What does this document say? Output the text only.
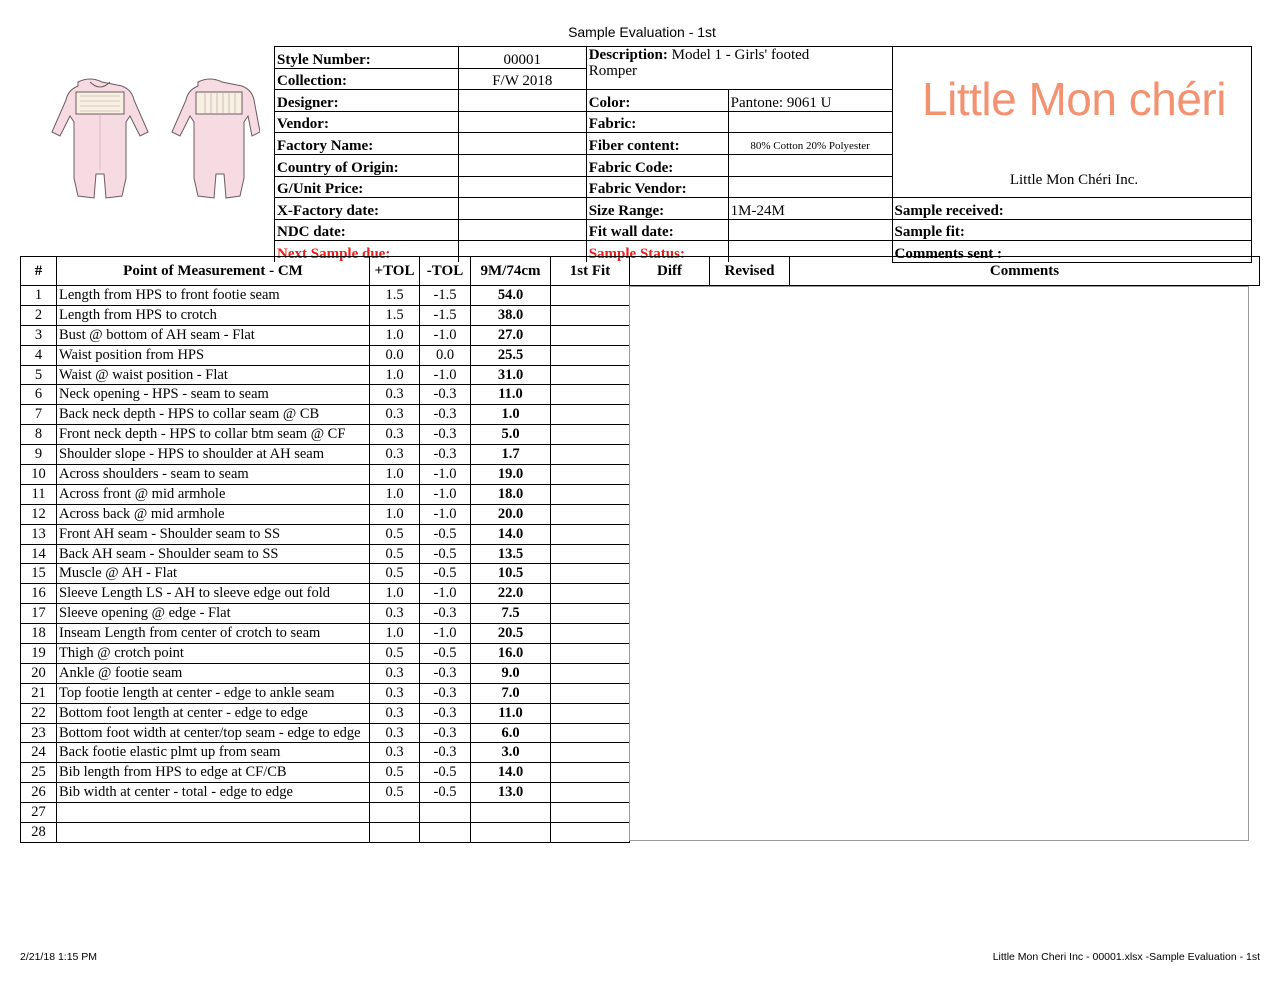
Sample Evaluation - 1st
Style Number:	00001	Description: Model 1 - Girls' footed
Romper		
Collection:	F/W 2018			
Designer:		Color:	Pantone: 9061 U	
Vendor:		Fabric:		
Factory Name:		Fiber content:	80% Cotton 20% Polyester	
Country of Origin:		Fabric Code:		
G/Unit Price:		Fabric Vendor:		
X-Factory date:		Size Range:	1M-24M	Sample received:
NDC date:		Fit wall date:		Sample fit:
Next Sample due:		Sample Status:		Comments sent :
Little Mon chéri
Little Mon Chéri Inc.
#	Point of Measurement - CM	+TOL	-TOL	9M/74cm	1st Fit	Diff	Revised	Comments
1	Length from HPS to front footie seam	1.5	-1.5	54.0				
2	Length from HPS to crotch	1.5	-1.5	38.0				
3	Bust @ bottom of AH seam - Flat	1.0	-1.0	27.0				
4	Waist position from HPS	0.0	0.0	25.5				
5	Waist @ waist position - Flat	1.0	-1.0	31.0				
6	Neck opening - HPS - seam to seam	0.3	-0.3	11.0				
7	Back neck depth - HPS to collar seam @ CB	0.3	-0.3	1.0				
8	Front neck depth - HPS to collar btm seam @ CF	0.3	-0.3	5.0				
9	Shoulder slope - HPS to shoulder at AH seam	0.3	-0.3	1.7				
10	Across shoulders - seam to seam	1.0	-1.0	19.0				
11	Across front @ mid armhole	1.0	-1.0	18.0				
12	Across back @ mid armhole	1.0	-1.0	20.0				
13	Front AH seam - Shoulder seam to SS	0.5	-0.5	14.0				
14	Back AH seam - Shoulder seam to SS	0.5	-0.5	13.5				
15	Muscle @ AH - Flat	0.5	-0.5	10.5				
16	Sleeve Length LS - AH to sleeve edge out fold	1.0	-1.0	22.0				
17	Sleeve opening @ edge - Flat	0.3	-0.3	7.5				
18	Inseam Length from center of crotch to seam	1.0	-1.0	20.5				
19	Thigh @ crotch point	0.5	-0.5	16.0				
20	Ankle @ footie seam	0.3	-0.3	9.0				
21	Top footie length at center - edge to ankle seam	0.3	-0.3	7.0				
22	Bottom foot length at center - edge to edge	0.3	-0.3	11.0				
23	Bottom foot width at center/top seam - edge to edge	0.3	-0.3	6.0				
24	Back footie elastic plmt up from seam	0.3	-0.3	3.0				
25	Bib length from HPS to edge at CF/CB	0.5	-0.5	14.0				
26	Bib width at center - total - edge to edge	0.5	-0.5	13.0				
27								
28								
2/21/18 1:15 PM	Little Mon Cheri Inc - 00001.xlsx -Sample Evaluation - 1st
